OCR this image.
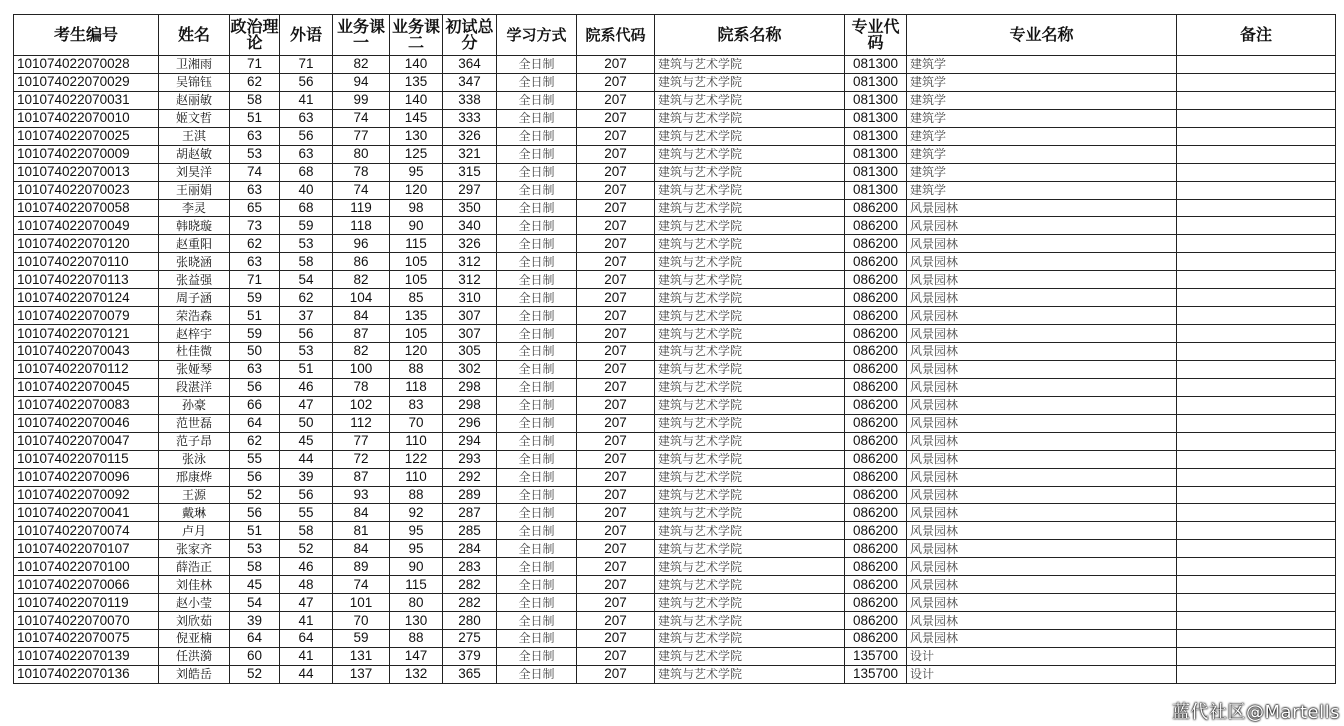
考生编号	姓名	政治理论	外语	业务课一	业务课二	初试总分	学习方式	院系代码	院系名称	专业代码	专业名称	备注
101074022070028	卫湘雨	71	71	82	140	364	全日制	207	建筑与艺术学院	081300	建筑学	
101074022070029	吴锦钰	62	56	94	135	347	全日制	207	建筑与艺术学院	081300	建筑学	
101074022070031	赵丽敏	58	41	99	140	338	全日制	207	建筑与艺术学院	081300	建筑学	
101074022070010	姬文哲	51	63	74	145	333	全日制	207	建筑与艺术学院	081300	建筑学	
101074022070025	王淇	63	56	77	130	326	全日制	207	建筑与艺术学院	081300	建筑学	
101074022070009	胡赵敏	53	63	80	125	321	全日制	207	建筑与艺术学院	081300	建筑学	
101074022070013	刘昊洋	74	68	78	95	315	全日制	207	建筑与艺术学院	081300	建筑学	
101074022070023	王丽娟	63	40	74	120	297	全日制	207	建筑与艺术学院	081300	建筑学	
101074022070058	李灵	65	68	119	98	350	全日制	207	建筑与艺术学院	086200	风景园林	
101074022070049	韩晓璇	73	59	118	90	340	全日制	207	建筑与艺术学院	086200	风景园林	
101074022070120	赵重阳	62	53	96	115	326	全日制	207	建筑与艺术学院	086200	风景园林	
101074022070110	张晓涵	63	58	86	105	312	全日制	207	建筑与艺术学院	086200	风景园林	
101074022070113	张益强	71	54	82	105	312	全日制	207	建筑与艺术学院	086200	风景园林	
101074022070124	周子涵	59	62	104	85	310	全日制	207	建筑与艺术学院	086200	风景园林	
101074022070079	荣浩森	51	37	84	135	307	全日制	207	建筑与艺术学院	086200	风景园林	
101074022070121	赵梓宇	59	56	87	105	307	全日制	207	建筑与艺术学院	086200	风景园林	
101074022070043	杜佳微	50	53	82	120	305	全日制	207	建筑与艺术学院	086200	风景园林	
101074022070112	张娅琴	63	51	100	88	302	全日制	207	建筑与艺术学院	086200	风景园林	
101074022070045	段湛洋	56	46	78	118	298	全日制	207	建筑与艺术学院	086200	风景园林	
101074022070083	孙豪	66	47	102	83	298	全日制	207	建筑与艺术学院	086200	风景园林	
101074022070046	范世磊	64	50	112	70	296	全日制	207	建筑与艺术学院	086200	风景园林	
101074022070047	范子昂	62	45	77	110	294	全日制	207	建筑与艺术学院	086200	风景园林	
101074022070115	张泳	55	44	72	122	293	全日制	207	建筑与艺术学院	086200	风景园林	
101074022070096	邢康烨	56	39	87	110	292	全日制	207	建筑与艺术学院	086200	风景园林	
101074022070092	王源	52	56	93	88	289	全日制	207	建筑与艺术学院	086200	风景园林	
101074022070041	戴琳	56	55	84	92	287	全日制	207	建筑与艺术学院	086200	风景园林	
101074022070074	卢月	51	58	81	95	285	全日制	207	建筑与艺术学院	086200	风景园林	
101074022070107	张家齐	53	52	84	95	284	全日制	207	建筑与艺术学院	086200	风景园林	
101074022070100	薛浩正	58	46	89	90	283	全日制	207	建筑与艺术学院	086200	风景园林	
101074022070066	刘佳林	45	48	74	115	282	全日制	207	建筑与艺术学院	086200	风景园林	
101074022070119	赵小莹	54	47	101	80	282	全日制	207	建筑与艺术学院	086200	风景园林	
101074022070070	刘欣茹	39	41	70	130	280	全日制	207	建筑与艺术学院	086200	风景园林	
101074022070075	倪亚楠	64	64	59	88	275	全日制	207	建筑与艺术学院	086200	风景园林	
101074022070139	任洪漪	60	41	131	147	379	全日制	207	建筑与艺术学院	135700	设计	
101074022070136	刘皓岳	52	44	137	132	365	全日制	207	建筑与艺术学院	135700	设计	
蓝代社区@Martells
